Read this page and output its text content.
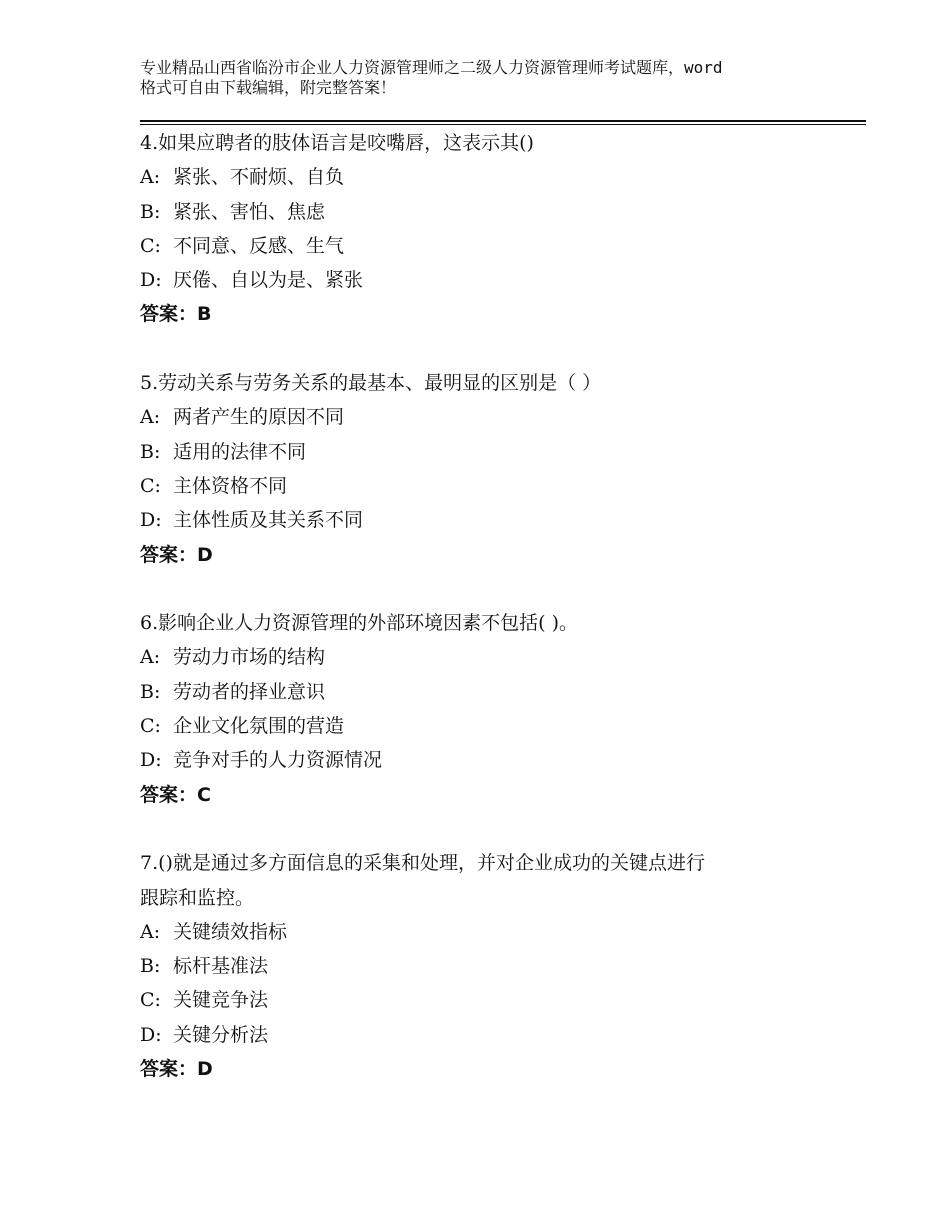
专业精品山西省临汾市企业人力资源管理师之二级人力资源管理师考试题库，word
格式可自由下载编辑，附完整答案！
4.如果应聘者的肢体语言是咬嘴唇，这表示其()
A: 紧张、不耐烦、自负
B: 紧张、害怕、焦虑
C: 不同意、反感、生气
D: 厌倦、自以为是、紧张
答案：B
5.劳动关系与劳务关系的最基本、最明显的区别是（ ）
A: 两者产生的原因不同
B: 适用的法律不同
C: 主体资格不同
D: 主体性质及其关系不同
答案：D
6.影响企业人力资源管理的外部环境因素不包括( )。
A: 劳动力市场的结构
B: 劳动者的择业意识
C: 企业文化氛围的营造
D: 竞争对手的人力资源情况
答案：C
7.()就是通过多方面信息的采集和处理，并对企业成功的关键点进行
跟踪和监控。
A: 关键绩效指标
B: 标杆基准法
C: 关键竞争法
D: 关键分析法
答案：D
